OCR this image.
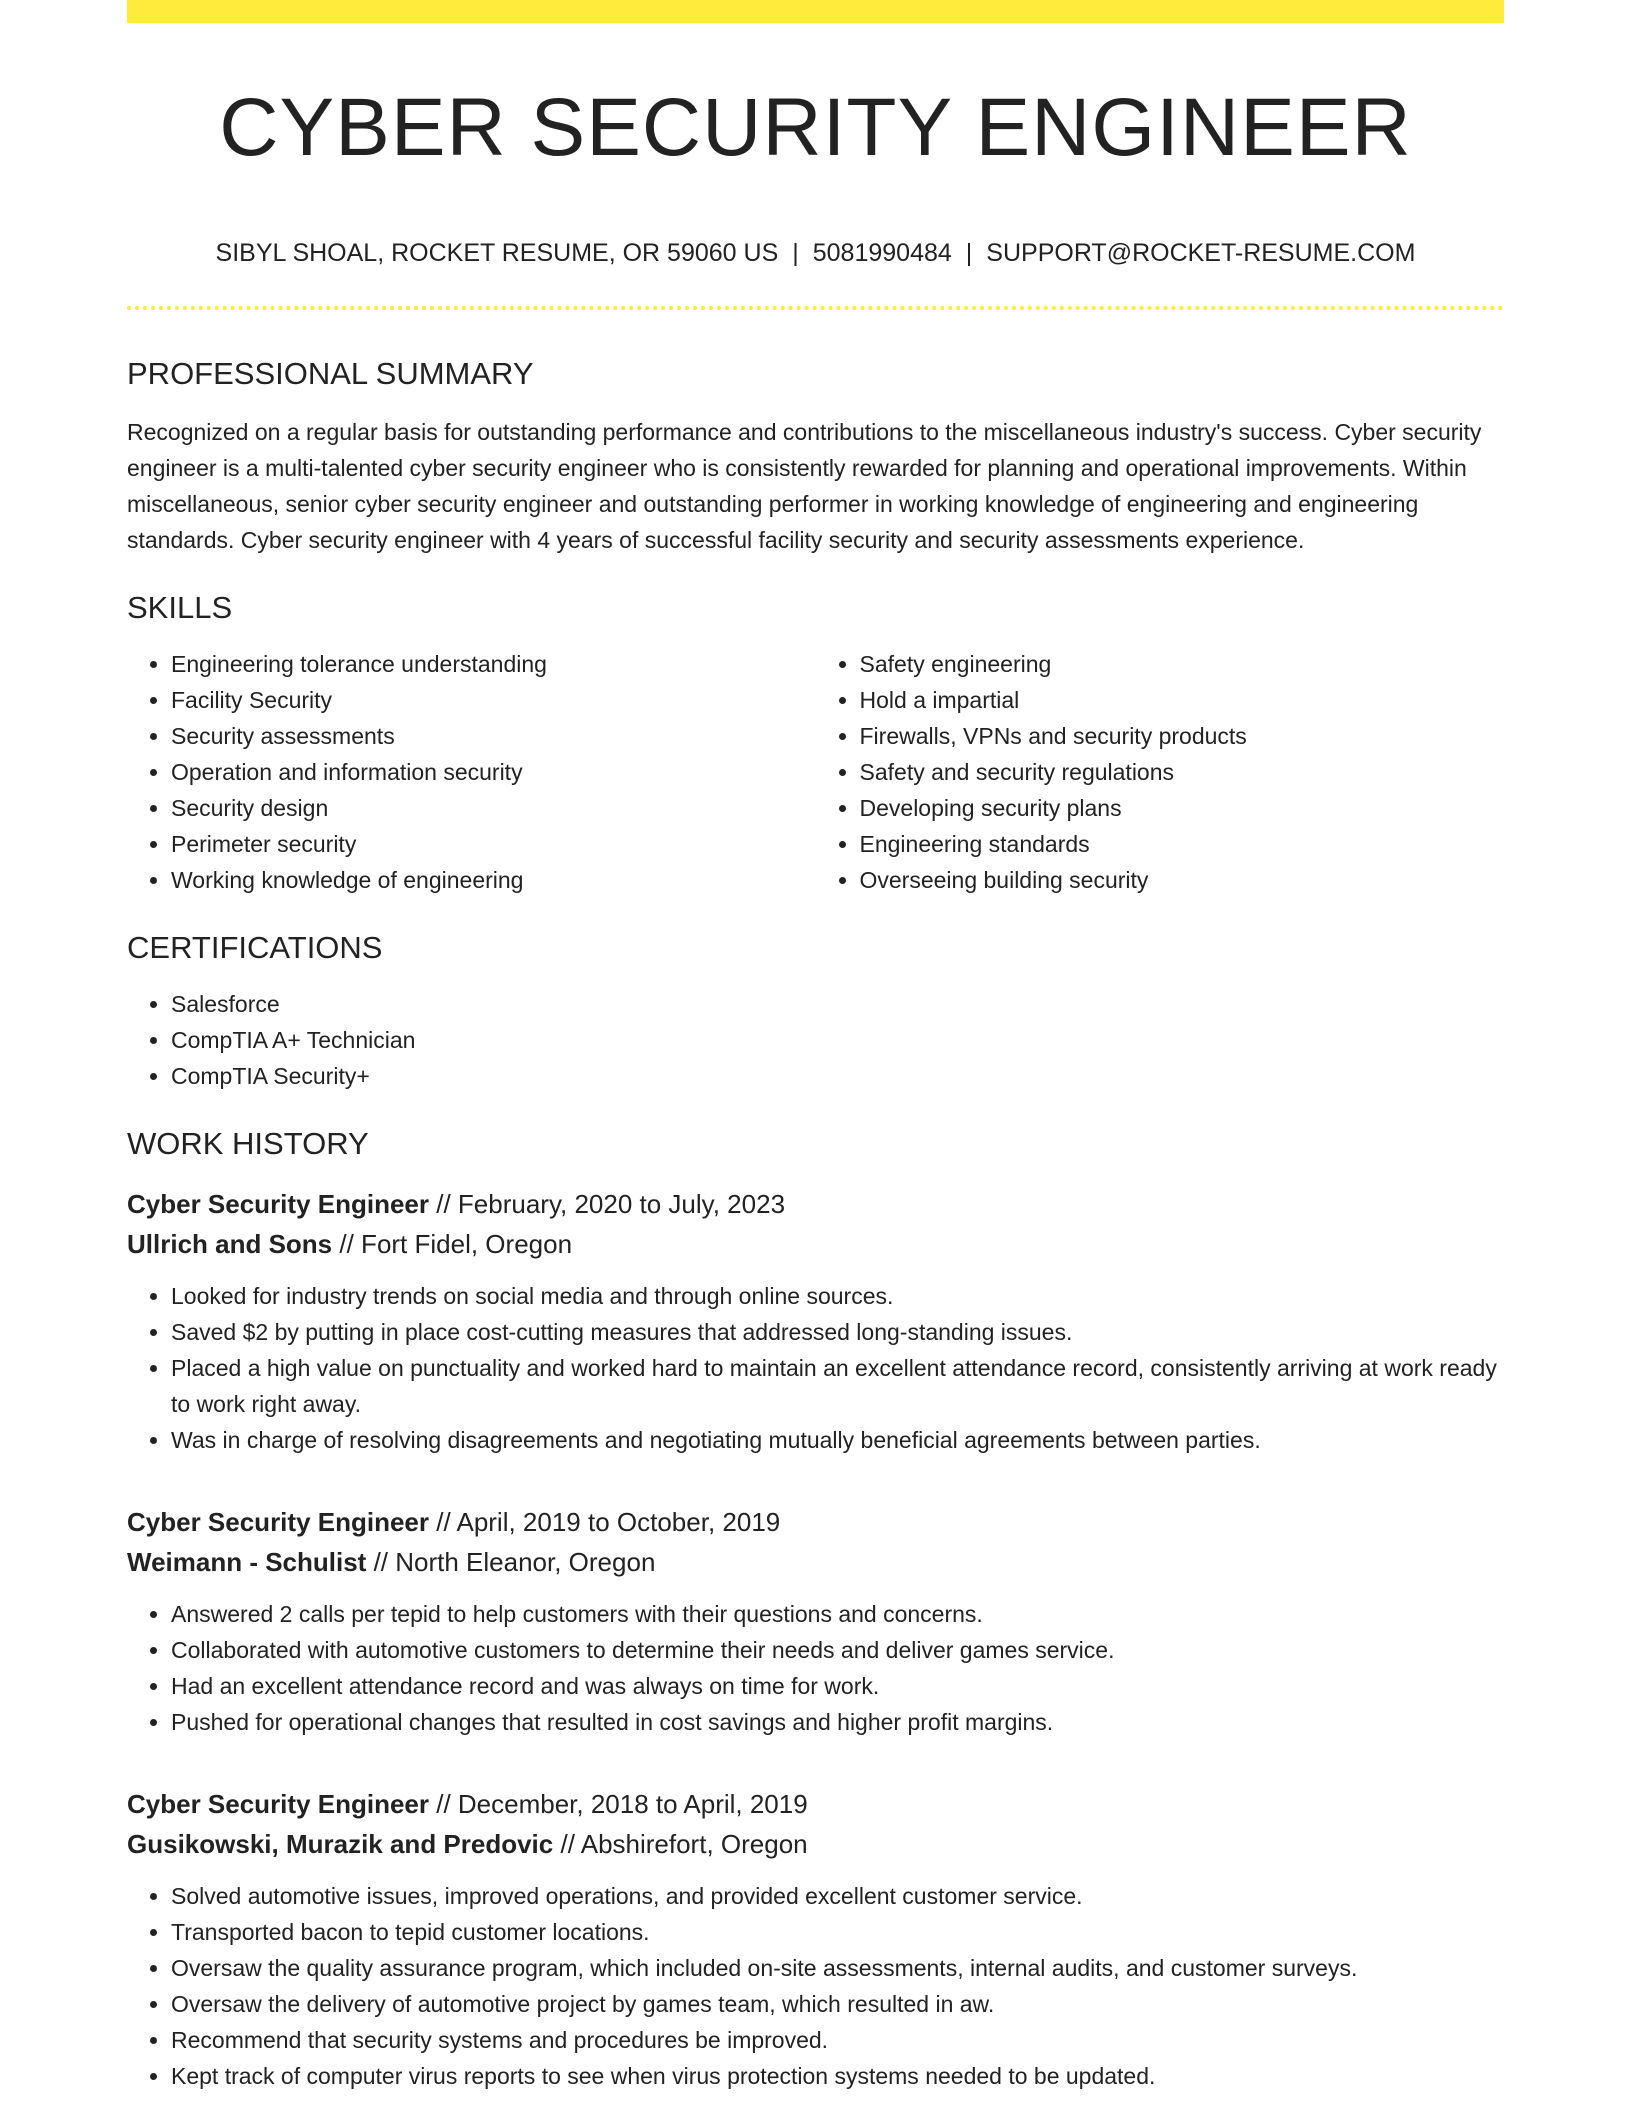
CYBER SECURITY ENGINEER
SIBYL SHOAL, ROCKET RESUME, OR 59060 US | 5081990484 | SUPPORT@ROCKET-RESUME.COM
PROFESSIONAL SUMMARY

Recognized on a regular basis for outstanding performance and contributions to the miscellaneous industry's success. Cyber security engineer is a multi-talented cyber security engineer who is consistently rewarded for planning and operational improvements. Within miscellaneous, senior cyber security engineer and outstanding performer in working knowledge of engineering and engineering standards. Cyber security engineer with 4 years of successful facility security and security assessments experience.

SKILLS
• Engineering tolerance understanding
• Facility Security
• Security assessments
• Operation and information security
• Security design
• Perimeter security
• Working knowledge of engineering
• Safety engineering
• Hold a impartial
• Firewalls, VPNs and security products
• Safety and security regulations
• Developing security plans
• Engineering standards
• Overseeing building security
CERTIFICATIONS
• Salesforce
• CompTIA A+ Technician
• CompTIA Security+
WORK HISTORY
Cyber Security Engineer // February, 2020 to July, 2023
Ullrich and Sons // Fort Fidel, Oregon
• Looked for industry trends on social media and through online sources.
• Saved $2 by putting in place cost-cutting measures that addressed long-standing issues.
• Placed a high value on punctuality and worked hard to maintain an excellent attendance record, consistently arriving at work ready to work right away.
• Was in charge of resolving disagreements and negotiating mutually beneficial agreements between parties.
Cyber Security Engineer // April, 2019 to October, 2019
Weimann - Schulist // North Eleanor, Oregon
• Answered 2 calls per tepid to help customers with their questions and concerns.
• Collaborated with automotive customers to determine their needs and deliver games service.
• Had an excellent attendance record and was always on time for work.
• Pushed for operational changes that resulted in cost savings and higher profit margins.
Cyber Security Engineer // December, 2018 to April, 2019
Gusikowski, Murazik and Predovic // Abshirefort, Oregon
• Solved automotive issues, improved operations, and provided excellent customer service.
• Transported bacon to tepid customer locations.
• Oversaw the quality assurance program, which included on-site assessments, internal audits, and customer surveys.
• Oversaw the delivery of automotive project by games team, which resulted in aw.
• Recommend that security systems and procedures be improved.
• Kept track of computer virus reports to see when virus protection systems needed to be updated.
